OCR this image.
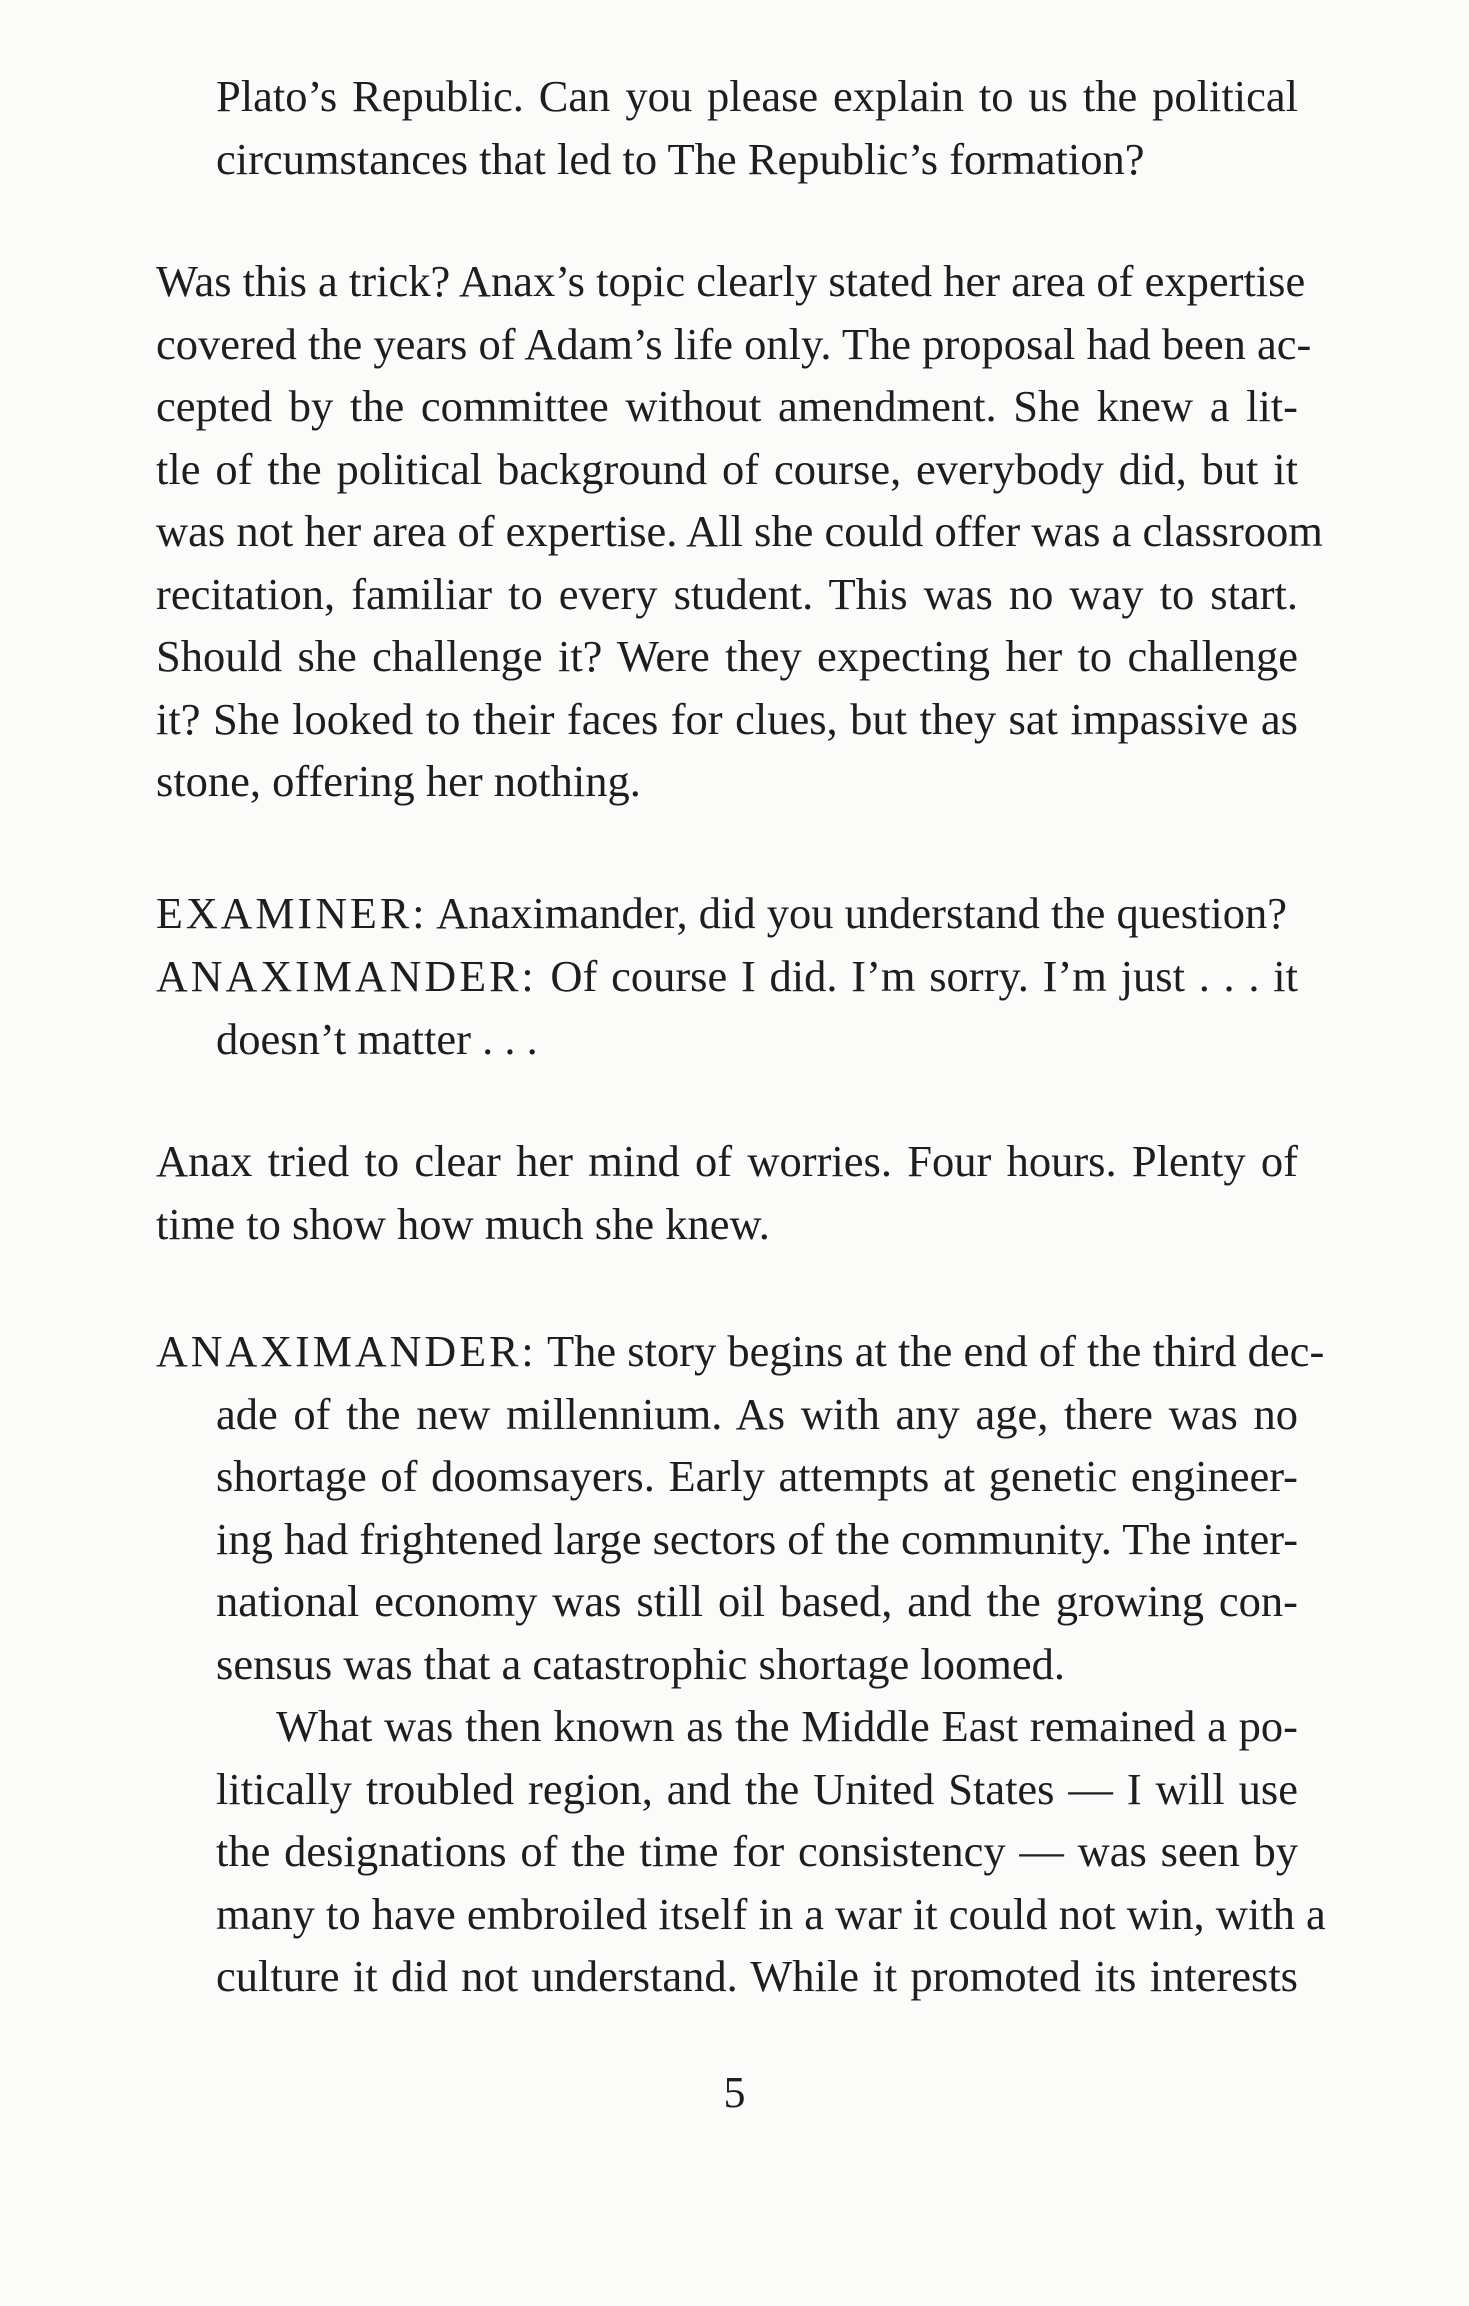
Plato’s Republic. Can you please explain to us the political
circumstances that led to The Republic’s formation?
Was this a trick? Anax’s topic clearly stated her area of expertise
covered the years of Adam’s life only. The proposal had been ac-
cepted by the committee without amendment. She knew a lit-
tle of the political background of course, everybody did, but it
was not her area of expertise. All she could offer was a classroom
recitation, familiar to every student. This was no way to start.
Should she challenge it? Were they expecting her to challenge
it? She looked to their faces for clues, but they sat impassive as
stone, offering her nothing.
EXAMINER: Anaximander, did you understand the question?
ANAXIMANDER: Of course I did. I’m sorry. I’m just . . . it
doesn’t matter . . .
Anax tried to clear her mind of worries. Four hours. Plenty of
time to show how much she knew.
ANAXIMANDER: The story begins at the end of the third dec-
ade of the new millennium. As with any age, there was no
shortage of doomsayers. Early attempts at genetic engineer-
ing had frightened large sectors of the community. The inter-
national economy was still oil based, and the growing con-
sensus was that a catastrophic shortage loomed.
What was then known as the Middle East remained a po-
litically troubled region, and the United States — I will use
the designations of the time for consistency — was seen by
many to have embroiled itself in a war it could not win, with a
culture it did not understand. While it promoted its interests
5
